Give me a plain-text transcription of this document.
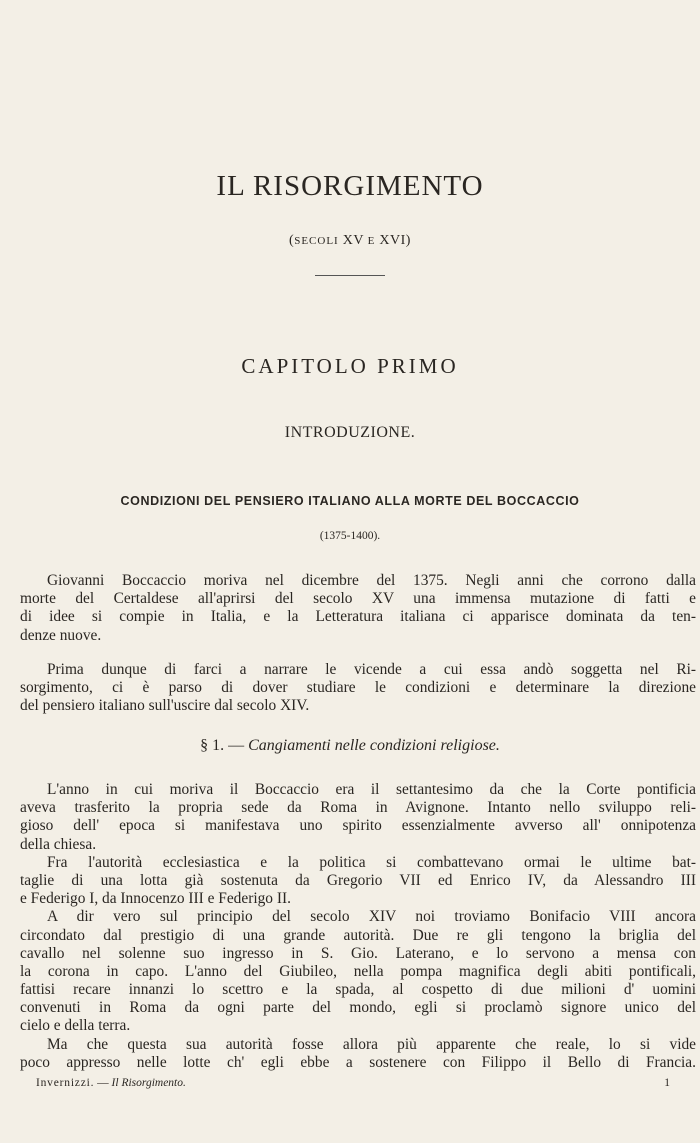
IL RISORGIMENTO
(SECOLI XV E XVI)
CAPITOLO PRIMO
INTRODUZIONE.
CONDIZIONI DEL PENSIERO ITALIANO ALLA MORTE DEL BOCCACCIO
(1375-1400).
Giovanni Boccaccio moriva nel dicembre del 1375. Negli anni che corrono dalla
morte del Certaldese all'aprirsi del secolo XV una immensa mutazione di fatti e
di idee si compie in Italia, e la Letteratura italiana ci apparisce dominata da ten-
denze nuove.
Prima dunque di farci a narrare le vicende a cui essa andò soggetta nel Ri-
sorgimento, ci è parso di dover studiare le condizioni e determinare la direzione
del pensiero italiano sull'uscire dal secolo XIV.
§ 1. — Cangiamenti nelle condizioni religiose.
L'anno in cui moriva il Boccaccio era il settantesimo da che la Corte pontificia
aveva trasferito la propria sede da Roma in Avignone. Intanto nello sviluppo reli-
gioso dell' epoca si manifestava uno spirito essenzialmente avverso all' onnipotenza
della chiesa.
Fra l'autorità ecclesiastica e la politica si combattevano ormai le ultime bat-
taglie di una lotta già sostenuta da Gregorio VII ed Enrico IV, da Alessandro III
e Federigo I, da Innocenzo III e Federigo II.
A dir vero sul principio del secolo XIV noi troviamo Bonifacio VIII ancora
circondato dal prestigio di una grande autorità. Due re gli tengono la briglia del
cavallo nel solenne suo ingresso in S. Gio. Laterano, e lo servono a mensa con
la corona in capo. L'anno del Giubileo, nella pompa magnifica degli abiti pontificali,
fattisi recare innanzi lo scettro e la spada, al cospetto di due milioni d' uomini
convenuti in Roma da ogni parte del mondo, egli si proclamò signore unico del
cielo e della terra.
Ma che questa sua autorità fosse allora più apparente che reale, lo si vide
poco appresso nelle lotte ch' egli ebbe a sostenere con Filippo il Bello di Francia.
Invernizzi. — Il Risorgimento.	1
